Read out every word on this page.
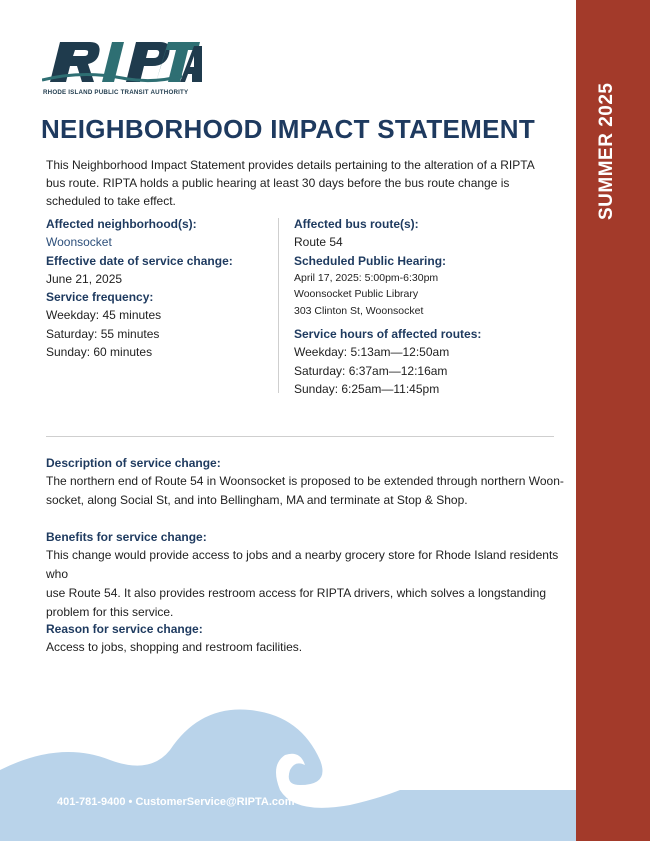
SUMMER 2025
RHODE ISLAND PUBLIC TRANSIT AUTHORITY
NEIGHBORHOOD IMPACT STATEMENT
This Neighborhood Impact Statement provides details pertaining to the alteration of a RIPTA bus route. RIPTA holds a public hearing at least 30 days before the bus route change is scheduled to take effect.
Affected neighborhood(s):
Woonsocket
Effective date of service change:
June 21, 2025
Service frequency:
Weekday: 45 minutes
Saturday: 55 minutes
Sunday: 60 minutes
Affected bus route(s):
Route 54
Scheduled Public Hearing:
April 17, 2025: 5:00pm-6:30pm
Woonsocket Public Library
303 Clinton St, Woonsocket
Service hours of affected routes:
Weekday: 5:13am—12:50am
Saturday: 6:37am—12:16am
Sunday: 6:25am—11:45pm
Description of service change:
The northern end of Route 54 in Woonsocket is proposed to be extended through northern Woon-
socket, along Social St, and into Bellingham, MA and terminate at Stop & Shop.
Benefits for service change:
This change would provide access to jobs and a nearby grocery store for Rhode Island residents who
use Route 54. It also provides restroom access for RIPTA drivers, which solves a longstanding
problem for this service.
Reason for service change:
Access to jobs, shopping and restroom facilities.
401-781-9400 • CustomerService@RIPTA.com
